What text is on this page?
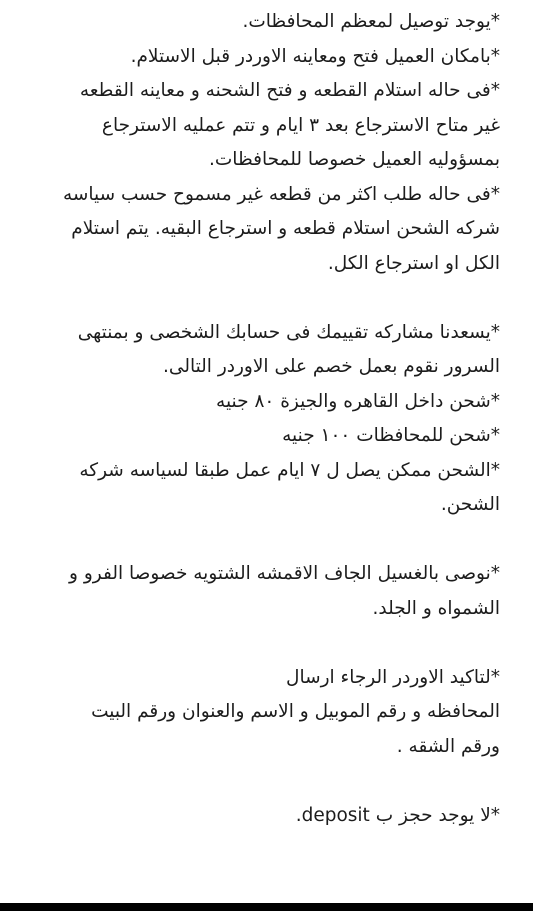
*يوجد توصيل لمعظم المحافظات.
*بامكان العميل فتح ومعاينه الاوردر قبل الاستلام.
*فى حاله استلام القطعه و فتح الشحنه و معاينه القطعه
غير متاح الاسترجاع بعد ٣ ايام و تتم عمليه الاسترجاع
بمسؤوليه العميل خصوصا للمحافظات.
*فى حاله طلب اكثر من قطعه غير مسموح حسب سياسه
شركه الشحن استلام قطعه و استرجاع البقيه. يتم استلام
الكل او استرجاع الكل.
*يسعدنا مشاركه تقييمك فى حسابك الشخصى و بمنتهى
السرور نقوم بعمل خصم على الاوردر التالى.
*شحن داخل القاهره والجيزة ٨٠ جنيه
*شحن للمحافظات ١٠٠ جنيه
*الشحن ممكن يصل ل ٧ ايام عمل طبقا لسياسه شركه
الشحن.
*نوصى بالغسيل الجاف الاقمشه الشتويه خصوصا الفرو و
الشمواه و الجلد.
*لتاكيد الاوردر الرجاء ارسال
المحافظه و رقم الموبيل و الاسم والعنوان ورقم البيت
ورقم الشقه .
*لا يوجد حجز ب deposit.
